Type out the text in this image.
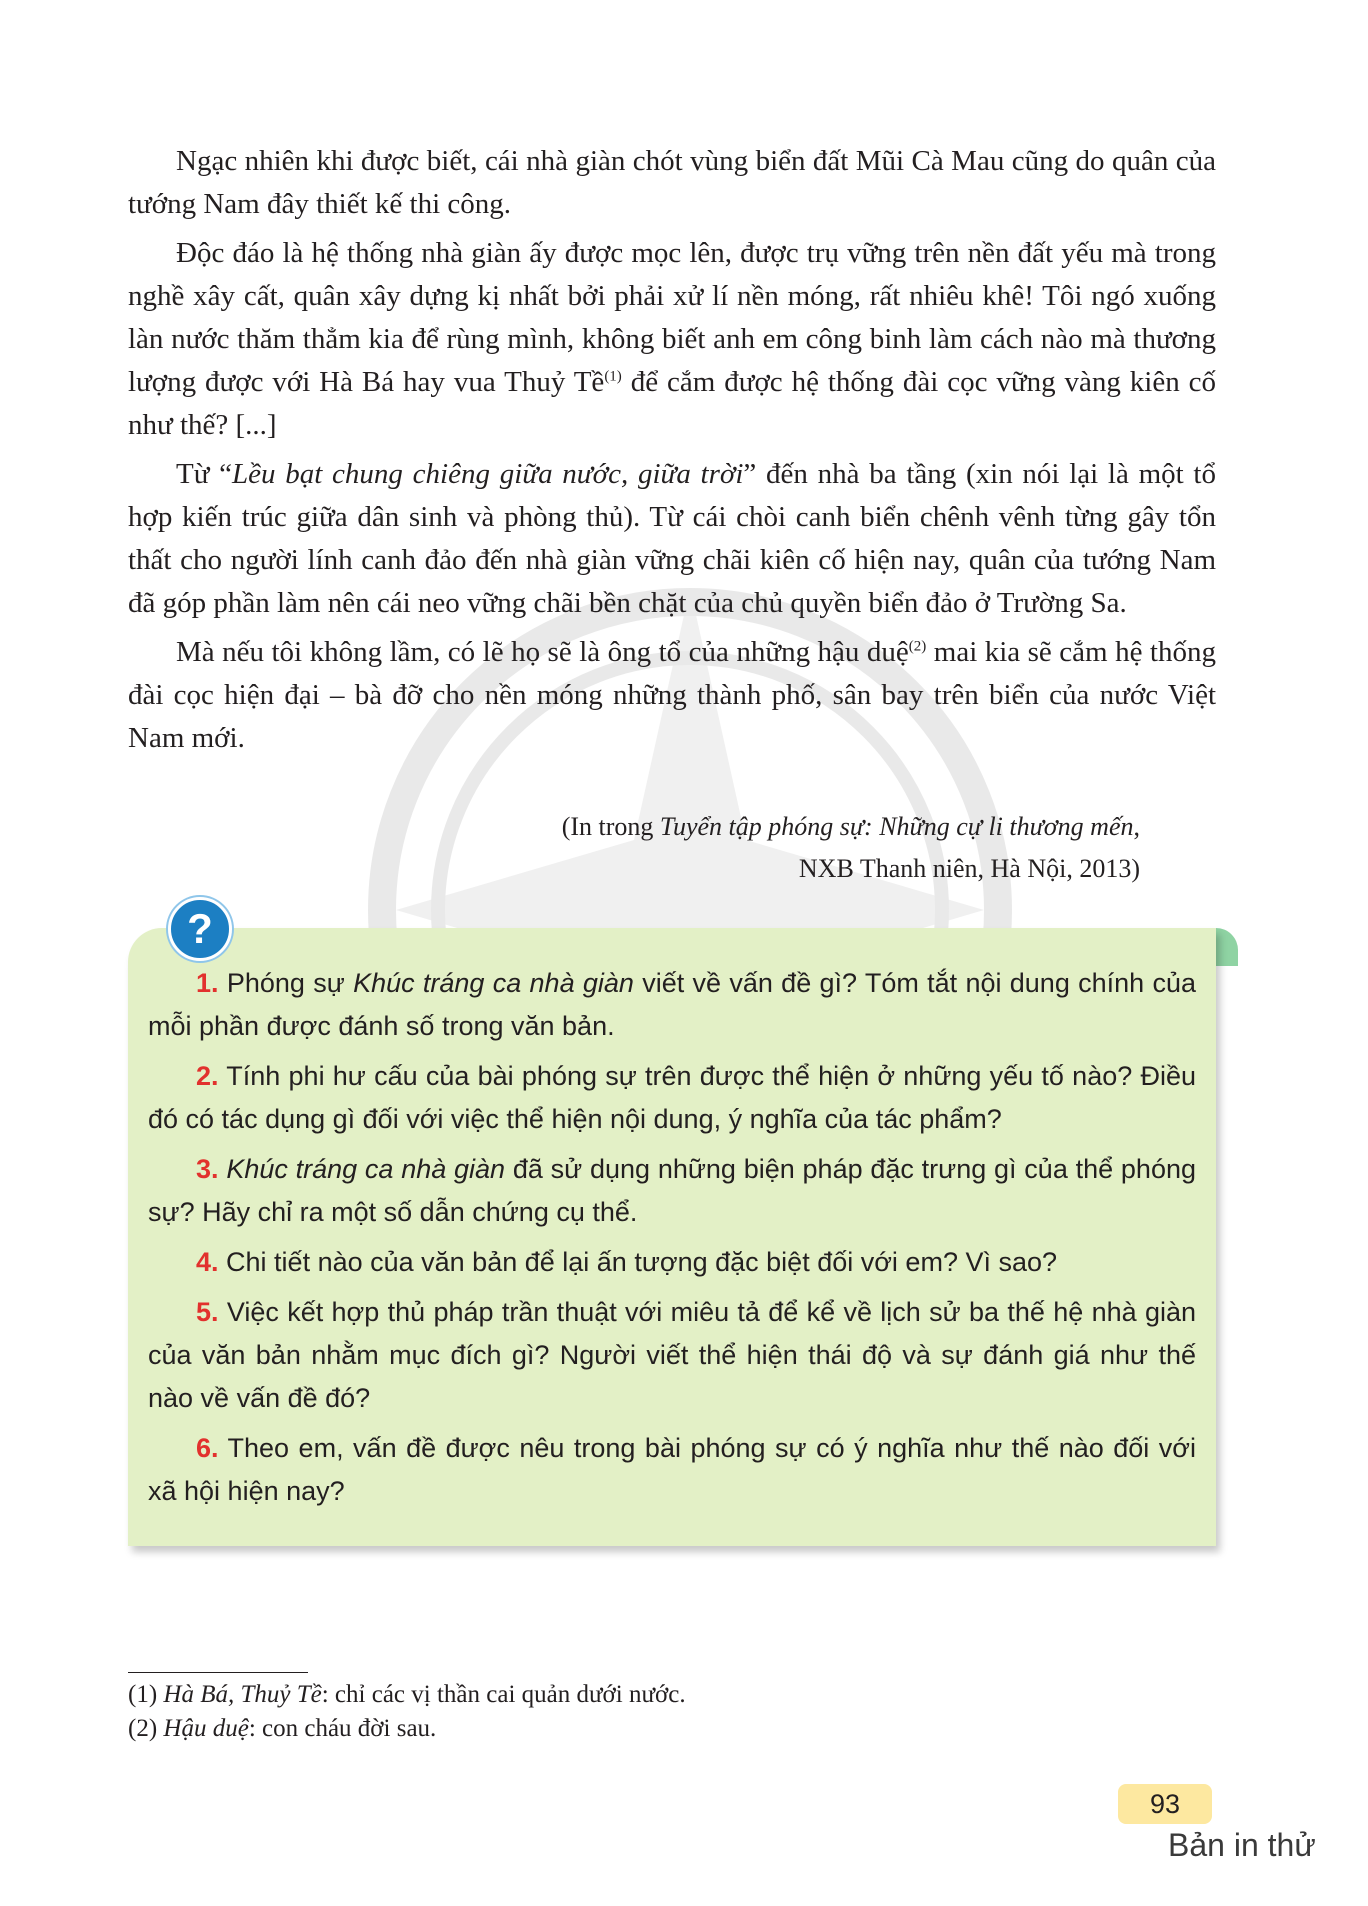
Ngạc nhiên khi được biết, cái nhà giàn chót vùng biển đất Mũi Cà Mau cũng do quân của tướng Nam đây thiết kế thi công.

Độc đáo là hệ thống nhà giàn ấy được mọc lên, được trụ vững trên nền đất yếu mà trong nghề xây cất, quân xây dựng kị nhất bởi phải xử lí nền móng, rất nhiêu khê! Tôi ngó xuống làn nước thăm thẳm kia để rùng mình, không biết anh em công binh làm cách nào mà thương lượng được với Hà Bá hay vua Thuỷ Tề$^{(1)}$ để cắm được hệ thống đài cọc vững vàng kiên cố như thế? [...]

Từ “Lều bạt chung chiêng giữa nước, giữa trời” đến nhà ba tầng (xin nói lại là một tổ hợp kiến trúc giữa dân sinh và phòng thủ). Từ cái chòi canh biển chênh vênh từng gây tổn thất cho người lính canh đảo đến nhà giàn vững chãi kiên cố hiện nay, quân của tướng Nam đã góp phần làm nên cái neo vững chãi bền chặt của chủ quyền biển đảo ở Trường Sa.

Mà nếu tôi không lầm, có lẽ họ sẽ là ông tổ của những hậu duệ$^{(2)}$ mai kia sẽ cắm hệ thống đài cọc hiện đại – bà đỡ cho nền móng những thành phố, sân bay trên biển của nước Việt Nam mới.

(In trong Tuyển tập phóng sự: Những cự li thương mến,
NXB Thanh niên, Hà Nội, 2013)
?

1. Phóng sự Khúc tráng ca nhà giàn viết về vấn đề gì? Tóm tắt nội dung chính của mỗi phần được đánh số trong văn bản.

2. Tính phi hư cấu của bài phóng sự trên được thể hiện ở những yếu tố nào? Điều đó có tác dụng gì đối với việc thể hiện nội dung, ý nghĩa của tác phẩm?

3. Khúc tráng ca nhà giàn đã sử dụng những biện pháp đặc trưng gì của thể phóng sự? Hãy chỉ ra một số dẫn chứng cụ thể.

4. Chi tiết nào của văn bản để lại ấn tượng đặc biệt đối với em? Vì sao?

5. Việc kết hợp thủ pháp trần thuật với miêu tả để kể về lịch sử ba thế hệ nhà giàn của văn bản nhằm mục đích gì? Người viết thể hiện thái độ và sự đánh giá như thế nào về vấn đề đó?

6. Theo em, vấn đề được nêu trong bài phóng sự có ý nghĩa như thế nào đối với xã hội hiện nay?

(1) Hà Bá, Thuỷ Tề: chỉ các vị thần cai quản dưới nước.
(2) Hậu duệ: con cháu đời sau.
93
Bản in thử
